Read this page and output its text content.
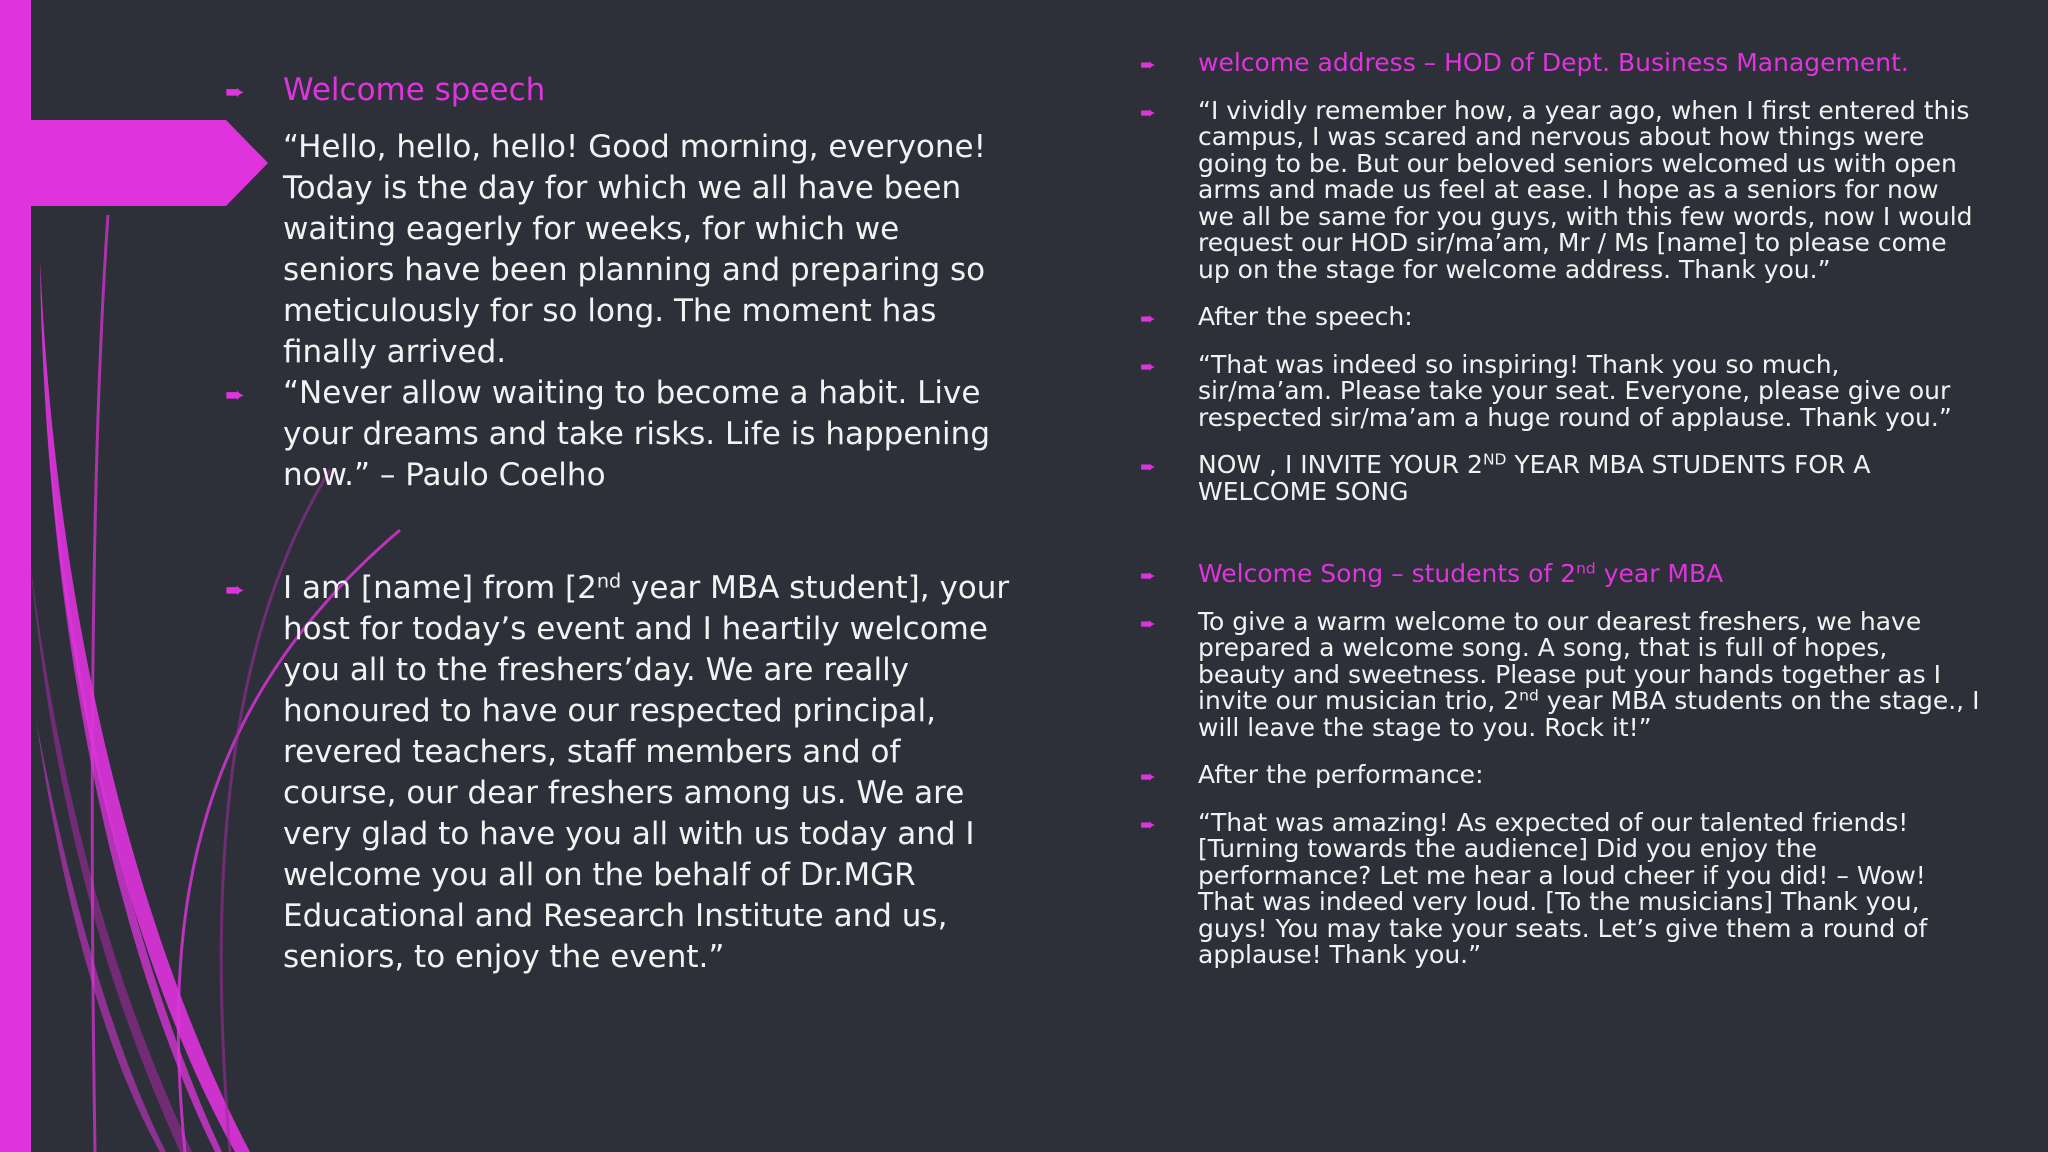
➨ Welcome speech
“Hello, hello, hello! Good morning, everyone! Today is the day for which we all have been waiting eagerly for weeks, for which we seniors have been planning and preparing so meticulously for so long. The moment has finally arrived.
➨ “Never allow waiting to become a habit. Live your dreams and take risks. Life is happening now.” – Paulo Coelho
➨ I am [name] from [2nd year MBA student], your host for today’s event and I heartily welcome you all to the freshers’day. We are really honoured to have our respected principal, revered teachers, staff members and of course, our dear freshers among us. We are very glad to have you all with us today and I welcome you all on the behalf of Dr.MGR Educational and Research Institute and us, seniors, to enjoy the event.”
➨ welcome address – HOD of Dept. Business Management.
➨ “I vividly remember how, a year ago, when I first entered this campus, I was scared and nervous about how things were going to be. But our beloved seniors welcomed us with open arms and made us feel at ease. I hope as a seniors for now we all be same for you guys, with this few words, now I would request our HOD sir/ma’am, Mr / Ms [name] to please come up on the stage for welcome address. Thank you.”
➨ After the speech:
➨ “That was indeed so inspiring! Thank you so much, sir/ma’am. Please take your seat. Everyone, please give our respected sir/ma’am a huge round of applause. Thank you.”
➨ NOW , I INVITE YOUR 2ND YEAR MBA STUDENTS FOR A WELCOME SONG
➨ Welcome Song – students of 2nd year MBA
➨ To give a warm welcome to our dearest freshers, we have prepared a welcome song. A song, that is full of hopes, beauty and sweetness. Please put your hands together as I invite our musician trio, 2nd year MBA students on the stage., I will leave the stage to you. Rock it!”
➨ After the performance:
➨ “That was amazing! As expected of our talented friends! [Turning towards the audience] Did you enjoy the performance? Let me hear a loud cheer if you did! – Wow! That was indeed very loud. [To the musicians] Thank you, guys! You may take your seats. Let’s give them a round of applause! Thank you.”
